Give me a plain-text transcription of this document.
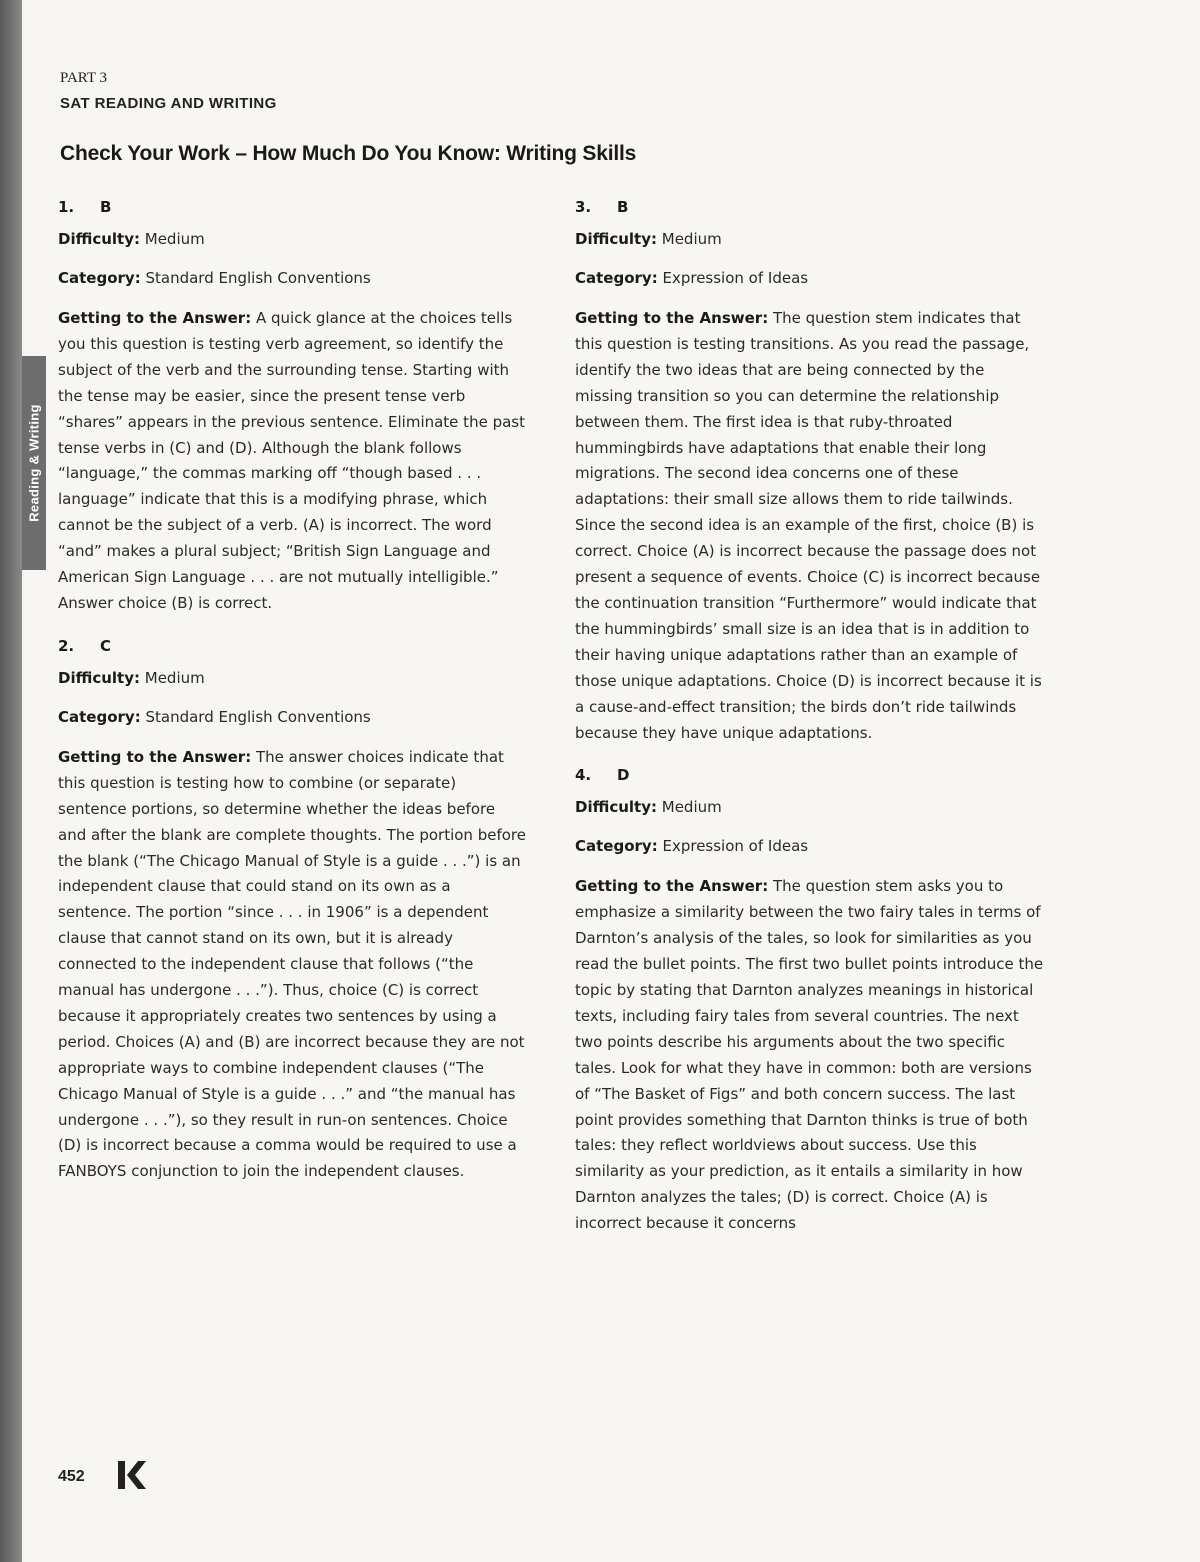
Reading & Writing
PART 3
SAT READING AND WRITING
Check Your Work – How Much Do You Know: Writing Skills

1. B

Difficulty: Medium

Category: Standard English Conventions

Getting to the Answer: A quick glance at the choices tells you this question is testing verb agreement, so identify the subject of the verb and the surrounding tense. Starting with the tense may be easier, since the present tense verb “shares” appears in the previous sentence. Eliminate the past tense verbs in (C) and (D). Although the blank follows “language,” the commas marking off “though based . . . language” indicate that this is a modifying phrase, which cannot be the subject of a verb. (A) is incorrect. The word “and” makes a plural subject; “British Sign Language and American Sign Language . . . are not mutually intelligible.” Answer choice (B) is correct.

2. C

Difficulty: Medium

Category: Standard English Conventions

Getting to the Answer: The answer choices indicate that this question is testing how to combine (or separate) sentence portions, so determine whether the ideas before and after the blank are complete thoughts. The portion before the blank (“The Chicago Manual of Style is a guide . . .”) is an independent clause that could stand on its own as a sentence. The portion “since . . . in 1906” is a dependent clause that cannot stand on its own, but it is already connected to the independent clause that follows (“the manual has undergone . . .”). Thus, choice (C) is correct because it appropriately creates two sentences by using a period. Choices (A) and (B) are incorrect because they are not appropriate ways to combine independent clauses (“The Chicago Manual of Style is a guide . . .” and “the manual has undergone . . .”), so they result in run-on sentences. Choice (D) is incorrect because a comma would be required to use a FANBOYS conjunction to join the independent clauses.

3. B

Difficulty: Medium

Category: Expression of Ideas

Getting to the Answer: The question stem indicates that this question is testing transitions. As you read the passage, identify the two ideas that are being connected by the missing transition so you can determine the relationship between them. The first idea is that ruby-throated hummingbirds have adaptations that enable their long migrations. The second idea concerns one of these adaptations: their small size allows them to ride tailwinds. Since the second idea is an example of the first, choice (B) is correct. Choice (A) is incorrect because the passage does not present a sequence of events. Choice (C) is incorrect because the continuation transition “Furthermore” would indicate that the hummingbirds’ small size is an idea that is in addition to their having unique adaptations rather than an example of those unique adaptations. Choice (D) is incorrect because it is a cause-and-effect transition; the birds don’t ride tailwinds because they have unique adaptations.

4. D

Difficulty: Medium

Category: Expression of Ideas

Getting to the Answer: The question stem asks you to emphasize a similarity between the two fairy tales in terms of Darnton’s analysis of the tales, so look for similarities as you read the bullet points. The first two bullet points introduce the topic by stating that Darnton analyzes meanings in historical texts, including fairy tales from several countries. The next two points describe his arguments about the two specific tales. Look for what they have in common: both are versions of “The Basket of Figs” and both concern success. The last point provides something that Darnton thinks is true of both tales: they reflect worldviews about success. Use this similarity as your prediction, as it entails a similarity in how Darnton analyzes the tales; (D) is correct. Choice (A) is incorrect because it concerns

452
